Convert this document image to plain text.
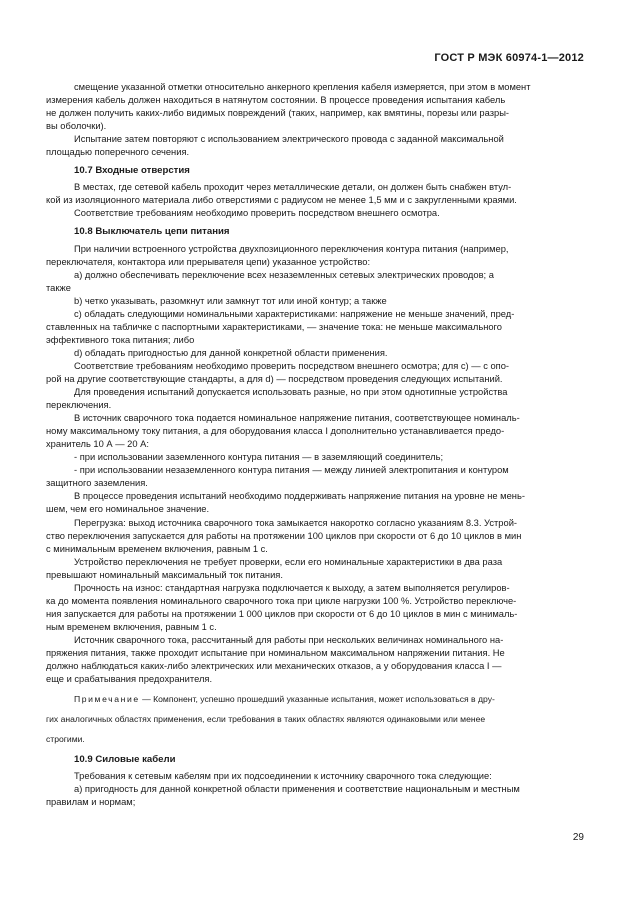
ГОСТ Р МЭК 60974-1—2012

смещение указанной отметки относительно анкерного крепления кабеля измеряется, при этом в момент

измерения кабель должен находиться в натянутом состоянии. В процессе проведения испытания кабель

не должен получить каких-либо видимых повреждений (таких, например, как вмятины, порезы или разры-

вы оболочки).

Испытание затем повторяют с использованием электрического провода с заданной максимальной

площадью поперечного сечения.

10.7 Входные отверстия

В местах, где сетевой кабель проходит через металлические детали, он должен быть снабжен втул-

кой из изоляционного материала либо отверстиями с радиусом не менее 1,5 мм и с закругленными краями.

Соответствие требованиям необходимо проверить посредством внешнего осмотра.

10.8 Выключатель цепи питания

При наличии встроенного устройства двухпозиционного переключения контура питания (например,

переключателя, контактора или прерывателя цепи) указанное устройство:

a) должно обеспечивать переключение всех незаземленных сетевых электрических проводов; а

также

b) четко указывать, разомкнут или замкнут тот или иной контур; а также

c) обладать следующими номинальными характеристиками: напряжение не меньше значений, пред-

ставленных на табличке с паспортными характеристиками, — значение тока: не меньше максимального

эффективного тока питания; либо

d) обладать пригодностью для данной конкретной области применения.

Соответствие требованиям необходимо проверить посредством внешнего осмотра; для c) — с опо-

рой на другие соответствующие стандарты, а для d) — посредством проведения следующих испытаний.

Для проведения испытаний допускается использовать разные, но при этом однотипные устройства

переключения.

В источник сварочного тока подается номинальное напряжение питания, соответствующее номиналь-

ному максимальному току питания, а для оборудования класса I дополнительно устанавливается предо-

хранитель 10 А — 20 А:

- при использовании заземленного контура питания — в заземляющий соединитель;

- при использовании незаземленного контура питания — между линией электропитания и контуром

защитного заземления.

В процессе проведения испытаний необходимо поддерживать напряжение питания на уровне не мень-

шем, чем его номинальное значение.

Перегрузка: выход источника сварочного тока замыкается накоротко согласно указаниям 8.3. Устрой-

ство переключения запускается для работы на протяжении 100 циклов при скорости от 6 до 10 циклов в мин

с минимальным временем включения, равным 1 с.

Устройство переключения не требует проверки, если его номинальные характеристики в два раза

превышают номинальный максимальный ток питания.

Прочность на износ: стандартная нагрузка подключается к выходу, а затем выполняется регулиров-

ка до момента появления номинального сварочного тока при цикле нагрузки 100 %. Устройство переключе-

ния запускается для работы на протяжении 1 000 циклов при скорости от 6 до 10 циклов в мин с минималь-

ным временем включения, равным 1 с.

Источник сварочного тока, рассчитанный для работы при нескольких величинах номинального на-

пряжения питания, также проходит испытание при номинальном максимальном напряжении питания. Не

должно наблюдаться каких-либо электрических или механических отказов, а у оборудования класса I —

еще и срабатывания предохранителя.

Примечание — Компонент, успешно прошедший указанные испытания, может использоваться в дру-

гих аналогичных областях применения, если требования в таких областях являются одинаковыми или менее

строгими.

10.9 Силовые кабели

Требования к сетевым кабелям при их подсоединении к источнику сварочного тока следующие:

a) пригодность для данной конкретной области применения и соответствие национальным и местным

правилам и нормам;

29
